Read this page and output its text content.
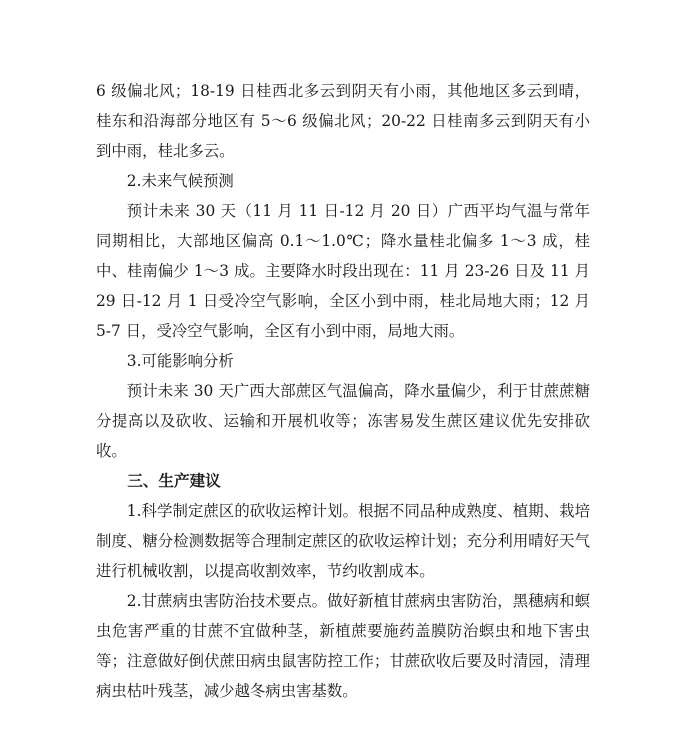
6 级偏北风；18-19 日桂西北多云到阴天有小雨，其他地区多云到晴，桂东和沿海部分地区有 5～6 级偏北风；20-22 日桂南多云到阴天有小到中雨，桂北多云。

2.未来气候预测

预计未来 30 天（11 月 11 日-12 月 20 日）广西平均气温与常年同期相比，大部地区偏高 0.1～1.0℃；降水量桂北偏多 1～3 成，桂中、桂南偏少 1～3 成。主要降水时段出现在：11 月 23-26 日及 11 月 29 日-12 月 1 日受冷空气影响，全区小到中雨，桂北局地大雨；12 月 5-7 日，受冷空气影响，全区有小到中雨，局地大雨。

3.可能影响分析

预计未来 30 天广西大部蔗区气温偏高，降水量偏少，利于甘蔗蔗糖分提高以及砍收、运输和开展机收等；冻害易发生蔗区建议优先安排砍收。

三、生产建议

1.科学制定蔗区的砍收运榨计划。根据不同品种成熟度、植期、栽培制度、糖分检测数据等合理制定蔗区的砍收运榨计划；充分利用晴好天气进行机械收割，以提高收割效率，节约收割成本。

2.甘蔗病虫害防治技术要点。做好新植甘蔗病虫害防治，黑穗病和螟虫危害严重的甘蔗不宜做种茎，新植蔗要施药盖膜防治螟虫和地下害虫等；注意做好倒伏蔗田病虫鼠害防控工作；甘蔗砍收后要及时清园，清理病虫枯叶残茎，减少越冬病虫害基数。
